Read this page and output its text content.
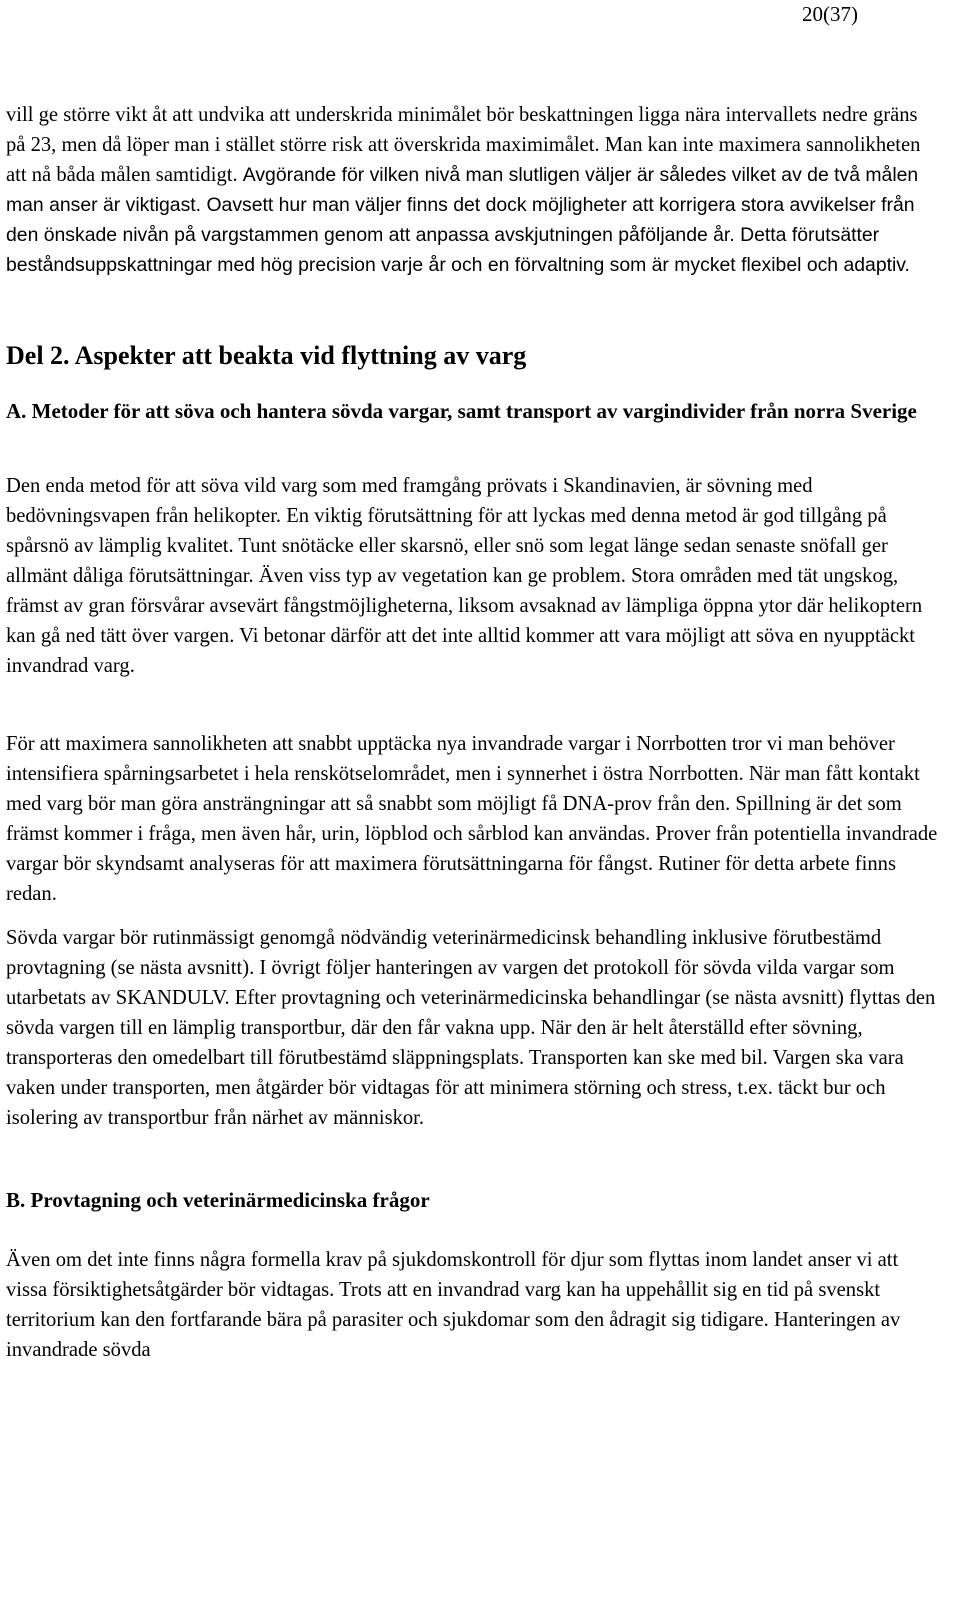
20(37)

vill ge större vikt åt att undvika att underskrida minimålet bör beskattningen ligga nära intervallets nedre gräns på 23, men då löper man i stället större risk att överskrida maximimålet. Man kan inte maximera sannolikheten att nå båda målen samtidigt. Avgörande för vilken nivå man slutligen väljer är således vilket av de två målen man anser är viktigast. Oavsett hur man väljer finns det dock möjligheter att korrigera stora avvikelser från den önskade nivån på vargstammen genom att anpassa avskjutningen påföljande år. Detta förutsätter beståndsuppskattningar med hög precision varje år och en förvaltning som är mycket flexibel och adaptiv.

Del 2. Aspekter att beakta vid flyttning av varg
A. Metoder för att söva och hantera sövda vargar, samt transport av vargindivider från norra Sverige

Den enda metod för att söva vild varg som med framgång prövats i Skandinavien, är sövning med bedövningsvapen från helikopter. En viktig förutsättning för att lyckas med denna metod är god tillgång på spårsnö av lämplig kvalitet. Tunt snötäcke eller skarsnö, eller snö som legat länge sedan senaste snöfall ger allmänt dåliga förutsättningar. Även viss typ av vegetation kan ge problem. Stora områden med tät ungskog, främst av gran försvårar avsevärt fångstmöjligheterna, liksom avsaknad av lämpliga öppna ytor där helikoptern kan gå ned tätt över vargen. Vi betonar därför att det inte alltid kommer att vara möjligt att söva en nyupptäckt invandrad varg.

För att maximera sannolikheten att snabbt upptäcka nya invandrade vargar i Norrbotten tror vi man behöver intensifiera spårningsarbetet i hela renskötselområdet, men i synnerhet i östra Norrbotten. När man fått kontakt med varg bör man göra ansträngningar att så snabbt som möjligt få DNA-prov från den. Spillning är det som främst kommer i fråga, men även hår, urin, löpblod och sårblod kan användas. Prover från potentiella invandrade vargar bör skyndsamt analyseras för att maximera förutsättningarna för fångst. Rutiner för detta arbete finns redan.

Sövda vargar bör rutinmässigt genomgå nödvändig veterinärmedicinsk behandling inklusive förutbestämd provtagning (se nästa avsnitt). I övrigt följer hanteringen av vargen det protokoll för sövda vilda vargar som utarbetats av SKANDULV. Efter provtagning och veterinärmedicinska behandlingar (se nästa avsnitt) flyttas den sövda vargen till en lämplig transportbur, där den får vakna upp. När den är helt återställd efter sövning, transporteras den omedelbart till förutbestämd släppningsplats. Transporten kan ske med bil. Vargen ska vara vaken under transporten, men åtgärder bör vidtagas för att minimera störning och stress, t.ex. täckt bur och isolering av transportbur från närhet av människor.

B. Provtagning och veterinärmedicinska frågor

Även om det inte finns några formella krav på sjukdomskontroll för djur som flyttas inom landet anser vi att vissa försiktighetsåtgärder bör vidtagas. Trots att en invandrad varg kan ha uppehållit sig en tid på svenskt territorium kan den fortfarande bära på parasiter och sjukdomar som den ådragit sig tidigare. Hanteringen av invandrade sövda
